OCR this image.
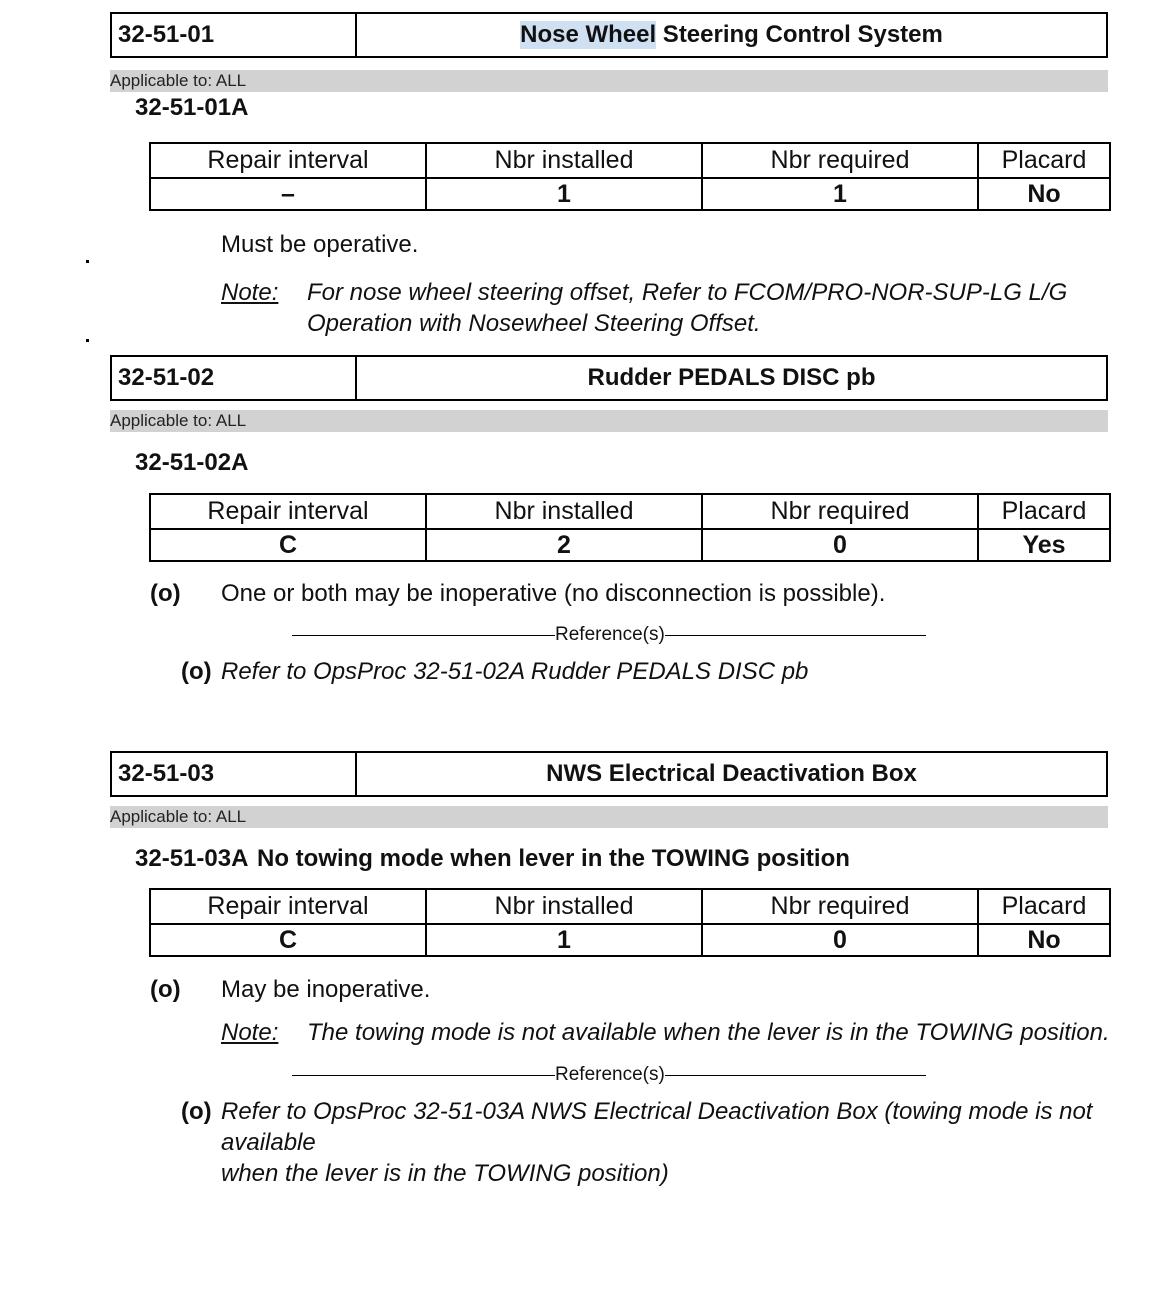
32-51-01	Nose Wheel Steering Control System
Applicable to: ALL
32-51-01A
Repair interval	Nbr installed	Nbr required	Placard
–	1	1	No
Must be operative.
Note: For nose wheel steering offset, Refer to FCOM/PRO-NOR-SUP-LG L/G
Operation with Nosewheel Steering Offset.
32-51-02	Rudder PEDALS DISC pb
Applicable to: ALL
32-51-02A
Repair interval	Nbr installed	Nbr required	Placard
C	2	0	Yes
(o) One or both may be inoperative (no disconnection is possible).
Reference(s)
(o) Refer to OpsProc 32-51-02A Rudder PEDALS DISC pb
32-51-03	NWS Electrical Deactivation Box
Applicable to: ALL
32-51-03A No towing mode when lever in the TOWING position
Repair interval	Nbr installed	Nbr required	Placard
C	1	0	No
(o) May be inoperative.
Note: The towing mode is not available when the lever is in the TOWING position.
Reference(s)
(o) Refer to OpsProc 32-51-03A NWS Electrical Deactivation Box (towing mode is not available
when the lever is in the TOWING position)
